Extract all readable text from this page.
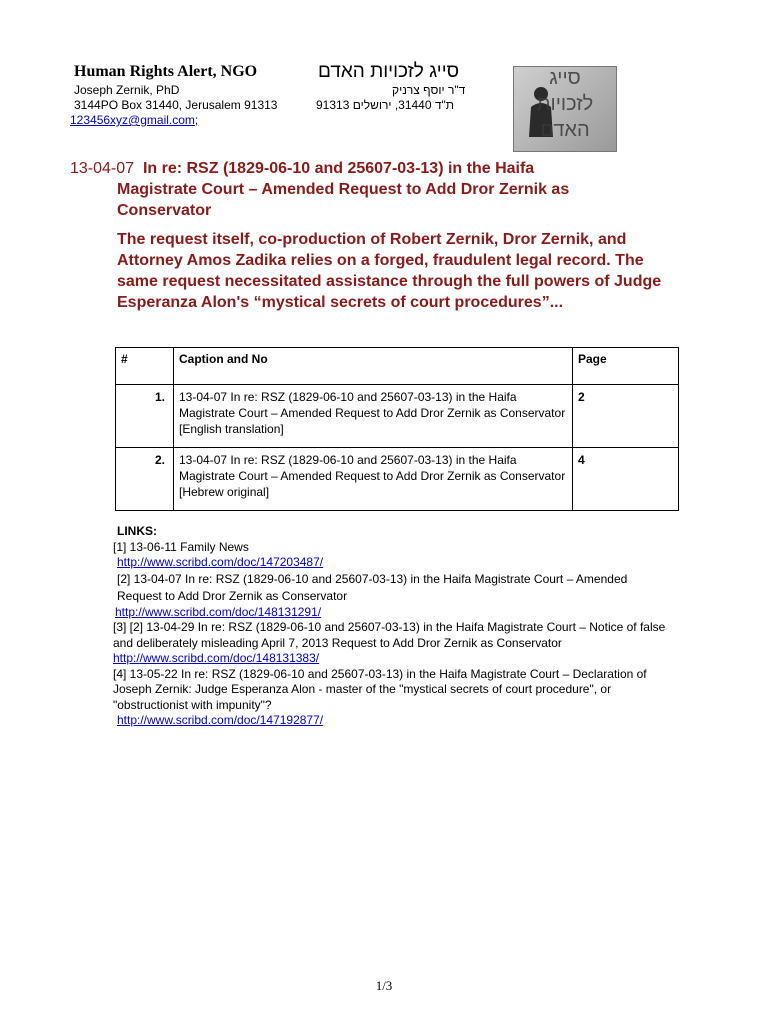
Human Rights Alert, NGO	סייג לזכויות האדם
Joseph Zernik, PhD	ד"ר יוסף צרניק
3144PO Box 31440, Jerusalem 91313	ת"ד 31440, ירושלים 91313
123456xyz@gmail.com;
סייג
לזכויות
האדם
13-04-07 In re: RSZ (1829-06-10 and 25607-03-13) in the Haifa
Magistrate Court – Amended Request to Add Dror Zernik as
Conservator
The request itself, co-production of Robert Zernik, Dror Zernik, and Attorney Amos Zadika relies on a forged, fraudulent legal record. The same request necessitated assistance through the full powers of Judge Esperanza Alon's “mystical secrets of court procedures”...
#	Caption and No	Page
1.	13-04-07 In re: RSZ (1829-06-10 and 25607-03-13) in the Haifa Magistrate Court – Amended Request to Add Dror Zernik as Conservator [English translation]	2
2.	13-04-07 In re: RSZ (1829-06-10 and 25607-03-13) in the Haifa Magistrate Court – Amended Request to Add Dror Zernik as Conservator [Hebrew original]	4
LINKS:
[1] 13-06-11 Family News
http://www.scribd.com/doc/147203487/
[2] 13-04-07 In re: RSZ (1829-06-10 and 25607-03-13) in the Haifa Magistrate Court – Amended Request to Add Dror Zernik as Conservator
http://www.scribd.com/doc/148131291/
[3] [2] 13-04-29 In re: RSZ (1829-06-10 and 25607-03-13) in the Haifa Magistrate Court – Notice of false and deliberately misleading April 7, 2013 Request to Add Dror Zernik as Conservator
http://www.scribd.com/doc/148131383/
[4] 13-05-22 In re: RSZ (1829-06-10 and 25607-03-13) in the Haifa Magistrate Court – Declaration of Joseph Zernik: Judge Esperanza Alon - master of the "mystical secrets of court procedure", or "obstructionist with impunity"?
http://www.scribd.com/doc/147192877/
1/3
